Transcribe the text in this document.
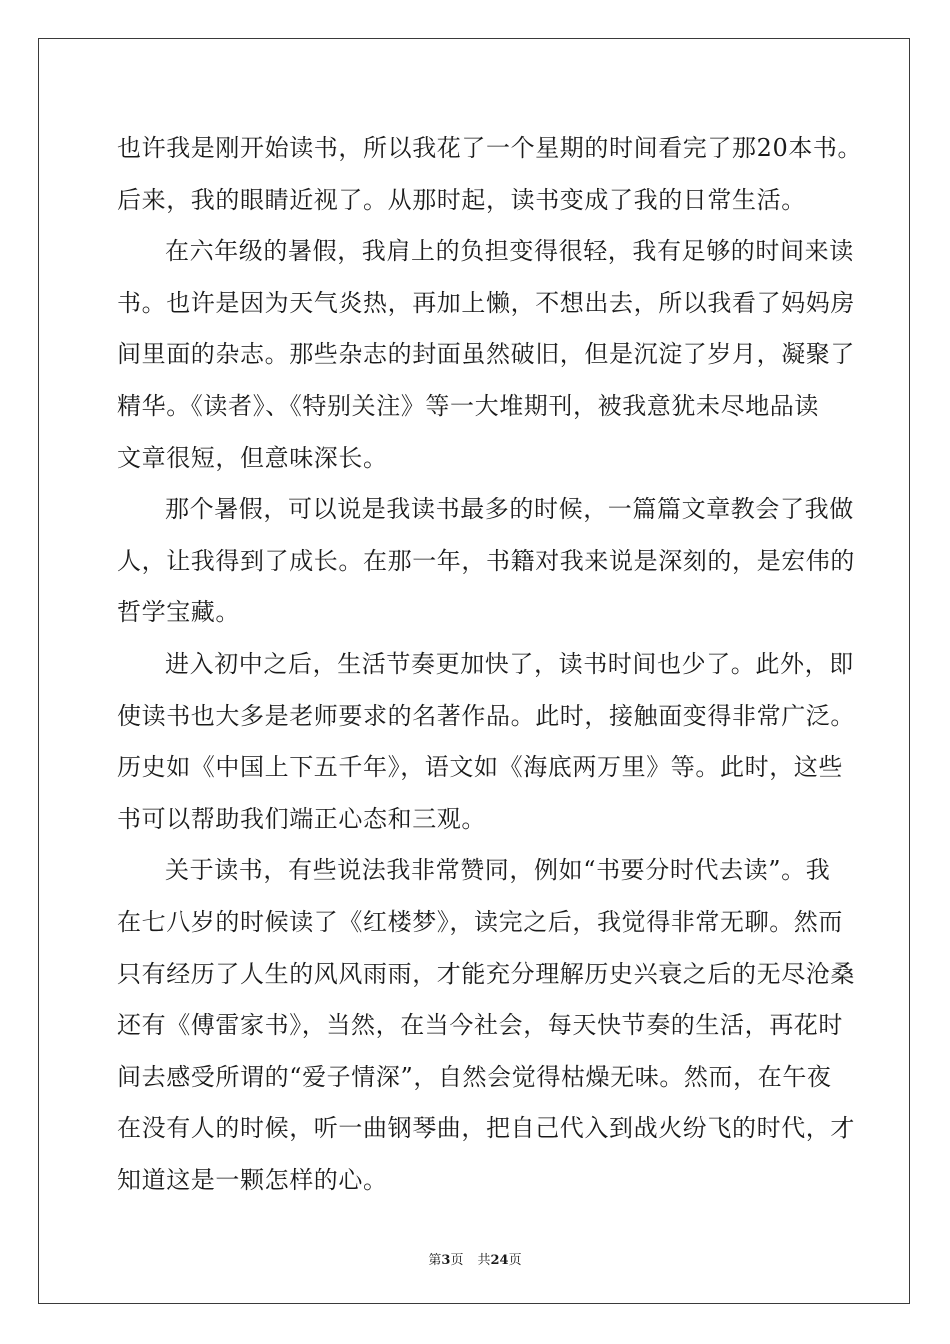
也许我是刚开始读书，所以我花了一个星期的时间看完了那20本书。
后来，我的眼睛近视了。从那时起，读书变成了我的日常生活。
在六年级的暑假，我肩上的负担变得很轻，我有足够的时间来读
书。也许是因为天气炎热，再加上懒，不想出去，所以我看了妈妈房
间里面的杂志。那些杂志的封面虽然破旧，但是沉淀了岁月，凝聚了
精华。《读者》、《特别关注》等一大堆期刊，被我意犹未尽地品读
文章很短，但意味深长。
那个暑假，可以说是我读书最多的时候，一篇篇文章教会了我做
人，让我得到了成长。在那一年，书籍对我来说是深刻的，是宏伟的
哲学宝藏。
进入初中之后，生活节奏更加快了，读书时间也少了。此外，即
使读书也大多是老师要求的名著作品。此时，接触面变得非常广泛。
历史如《中国上下五千年》，语文如《海底两万里》等。此时，这些
书可以帮助我们端正心态和三观。
关于读书，有些说法我非常赞同，例如“书要分时代去读”。我
在七八岁的时候读了《红楼梦》，读完之后，我觉得非常无聊。然而
只有经历了人生的风风雨雨，才能充分理解历史兴衰之后的无尽沧桑
还有《傅雷家书》，当然，在当今社会，每天快节奏的生活，再花时
间去感受所谓的“爱子情深”，自然会觉得枯燥无味。然而，在午夜
在没有人的时候，听一曲钢琴曲，把自己代入到战火纷飞的时代，才
知道这是一颗怎样的心。
第3页 共24页
